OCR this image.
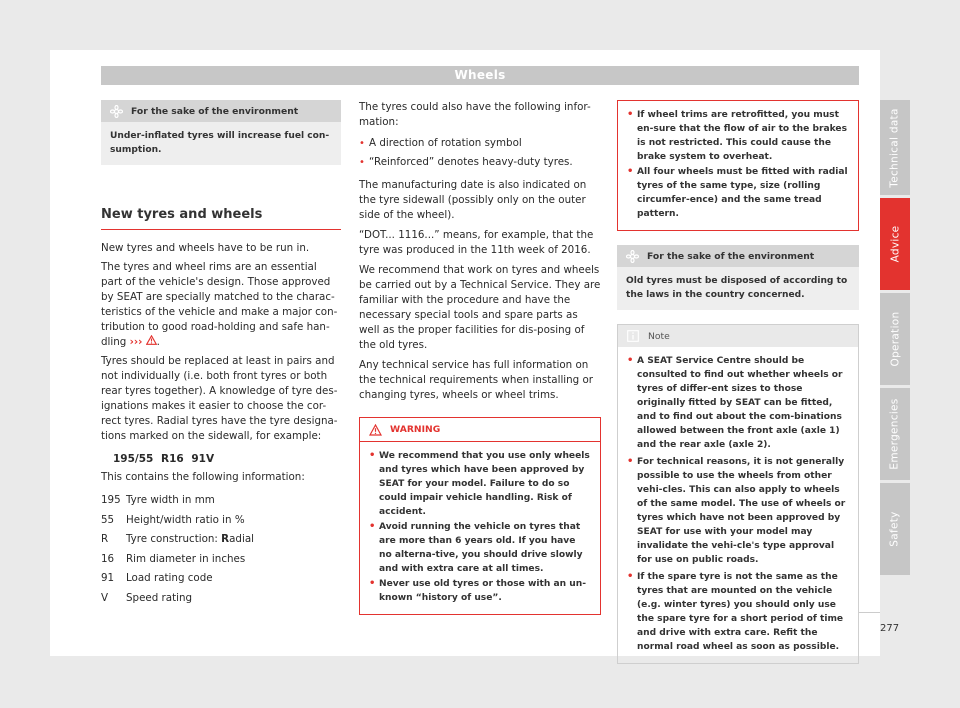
Wheels
For the sake of the environment
Under-inflated tyres will increase fuel con-sumption.
New tyres and wheels

New tyres and wheels have to be run in.

The tyres and wheel rims are an essential part of the vehicle's design. Those approved by SEAT are specially matched to the charac-teristics of the vehicle and make a major con-tribution to good road-holding and safe han-dling ››› .

Tyres should be replaced at least in pairs and not individually (i.e. both front tyres or both rear tyres together). A knowledge of tyre des-ignations makes it easier to choose the cor-rect tyres. Radial tyres have the tyre designa-tions marked on the sidewall, for example:

195/55 R16 91V

This contains the following information:

195 Tyre width in mm
55	Height/width ratio in %
R	Tyre construction: Radial
16	Rim diameter in inches
91	Load rating code
V	Speed rating

The tyres could also have the following infor-mation:

• A direction of rotation symbol
• “Reinforced” denotes heavy-duty tyres.

The manufacturing date is also indicated on the tyre sidewall (possibly only on the outer side of the wheel).

“DOT... 1116...” means, for example, that the tyre was produced in the 11th week of 2016.

We recommend that work on tyres and wheels be carried out by a Technical Service. They are familiar with the procedure and have the necessary special tools and spare parts as well as the proper facilities for dis-posing of the old tyres.

Any technical service has full information on the technical requirements when installing or changing tyres, wheels or wheel trims.

WARNING
• We recommend that you use only wheels and tyres which have been approved by SEAT for your model. Failure to do so could impair vehicle handling. Risk of accident.
• Avoid running the vehicle on tyres that are more than 6 years old. If you have no alterna-tive, you should drive slowly and with extra care at all times.
• Never use old tyres or those with an un-known “history of use”.
• If wheel trims are retrofitted, you must en-sure that the flow of air to the brakes is not restricted. This could cause the brake system to overheat.
• All four wheels must be fitted with radial tyres of the same type, size (rolling circumfer-ence) and the same tread pattern.
For the sake of the environment
Old tyres must be disposed of according to the laws in the country concerned.
Note
• A SEAT Service Centre should be consulted to find out whether wheels or tyres of differ-ent sizes to those originally fitted by SEAT can be fitted, and to find out about the com-binations allowed between the front axle (axle 1) and the rear axle (axle 2).
• For technical reasons, it is not generally possible to use the wheels from other vehi-cles. This can also apply to wheels of the same model. The use of wheels or tyres which have not been approved by SEAT for use with your model may invalidate the vehi-cle's type approval for use on public roads.
• If the spare tyre is not the same as the tyres that are mounted on the vehicle (e.g. winter tyres) you should only use the spare tyre for a short period of time and drive with extra care. Refit the normal road wheel as soon as possible.
Technical data
Advice
Operation
Emergencies
Safety
277
